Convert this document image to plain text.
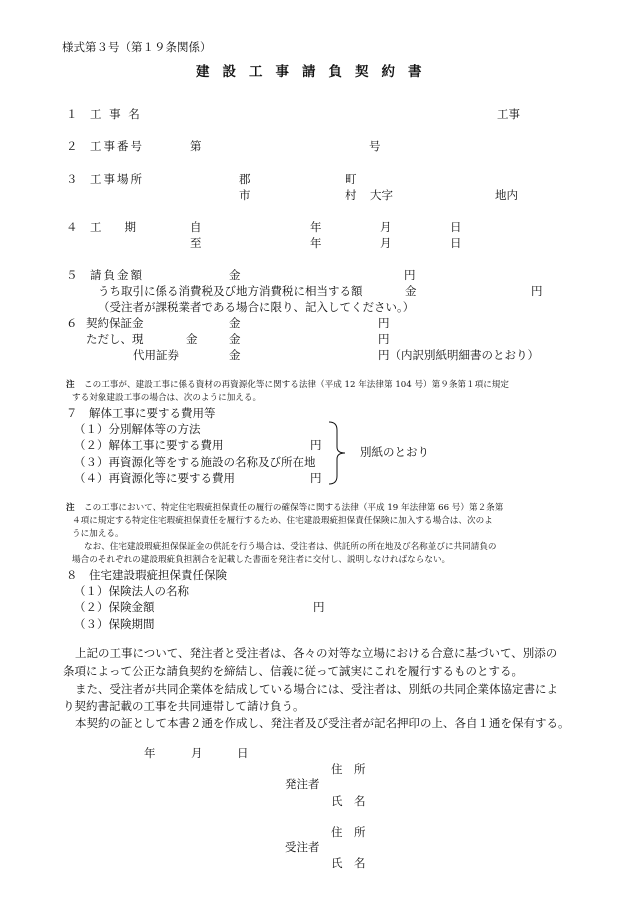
様式第３号（第１９条関係）
建設工事請負契約書
１ 工 事 名	工事
２ 工事番号	第	号
３ 工事場所	郡	町
市	村 大字	地内
４ 工　　期	自	年	月	日
至	年	月	日
５ 請負金額	金	円
うち取引に係る消費税及び地方消費税に相当する額	金	円
（受注者が課税業者である場合に限り、記入してください。）
６ 契約保証金	金	円
ただし、現	金	金	円
代用証券	金	円（内訳別紙明細書のとおり）
注 この工事が、建設工事に係る資材の再資源化等に関する法律（平成 12 年法律第 104 号）第９条第１項に規定
する対象建設工事の場合は、次のように加える。
７　解体工事に要する費用等
（１）分別解体等の方法
（２）解体工事に要する費用	円
（３）再資源化等をする施設の名称及び所在地
（４）再資源化等に要する費用	円
別紙のとおり
注 この工事において、特定住宅瑕疵担保責任の履行の確保等に関する法律（平成 19 年法律第 66 号）第２条第
４項に規定する特定住宅瑕疵担保責任を履行するため、住宅建設瑕疵担保責任保険に加入する場合は、次のよ
うに加える。
なお、住宅建設瑕疵担保保証金の供託を行う場合は、受注者は、供託所の所在地及び名称並びに共同請負の
場合のそれぞれの建設瑕疵負担割合を記載した書面を発注者に交付し、説明しなければならない。
８　住宅建設瑕疵担保責任保険
（１）保険法人の名称
（２）保険金額	円
（３）保険期間
上記の工事について、発注者と受注者は、各々の対等な立場における合意に基づいて、別添の
条項によって公正な請負契約を締結し、信義に従って誠実にこれを履行するものとする。
また、受注者が共同企業体を結成している場合には、受注者は、別紙の共同企業体協定書によ
り契約書記載の工事を共同連帯して請け負う。
本契約の証として本書２通を作成し、発注者及び受注者が記名押印の上、各自１通を保有する。
年	月	日
住　所
発注者
氏　名
住　所
受注者
氏　名
